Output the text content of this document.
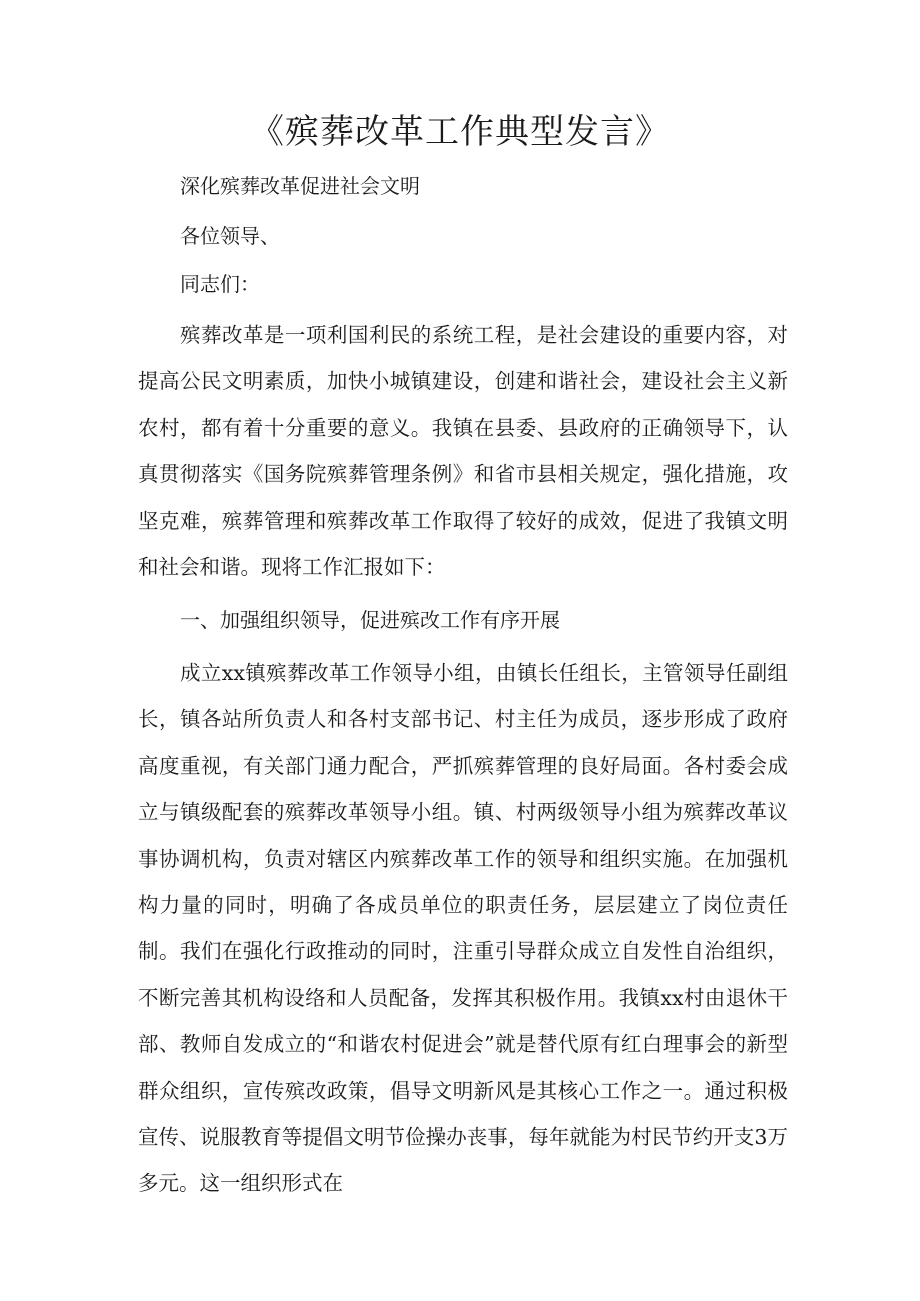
《殡葬改革工作典型发言》

深化殡葬改革促进社会文明

各位领导、

同志们：

殡葬改革是一项利国利民的系统工程，是社会建设的重要内容，对提高公民文明素质，加快小城镇建设，创建和谐社会，建设社会主义新农村，都有着十分重要的意义。我镇在县委、县政府的正确领导下，认真贯彻落实《国务院殡葬管理条例》和省市县相关规定，强化措施，攻坚克难，殡葬管理和殡葬改革工作取得了较好的成效，促进了我镇文明和社会和谐。现将工作汇报如下：

一、加强组织领导，促进殡改工作有序开展

成立xx镇殡葬改革工作领导小组，由镇长任组长，主管领导任副组长，镇各站所负责人和各村支部书记、村主任为成员，逐步形成了政府高度重视，有关部门通力配合，严抓殡葬管理的良好局面。各村委会成立与镇级配套的殡葬改革领导小组。镇、村两级领导小组为殡葬改革议事协调机构，负责对辖区内殡葬改革工作的领导和组织实施。在加强机构力量的同时，明确了各成员单位的职责任务，层层建立了岗位责任制。我们在强化行政推动的同时，注重引导群众成立自发性自治组织，不断完善其机构设络和人员配备，发挥其积极作用。我镇xx村由退休干部、教师自发成立的“和谐农村促进会”就是替代原有红白理事会的新型群众组织，宣传殡改政策，倡导文明新风是其核心工作之一。通过积极宣传、说服教育等提倡文明节俭操办丧事，每年就能为村民节约开支3万多元。这一组织形式在
